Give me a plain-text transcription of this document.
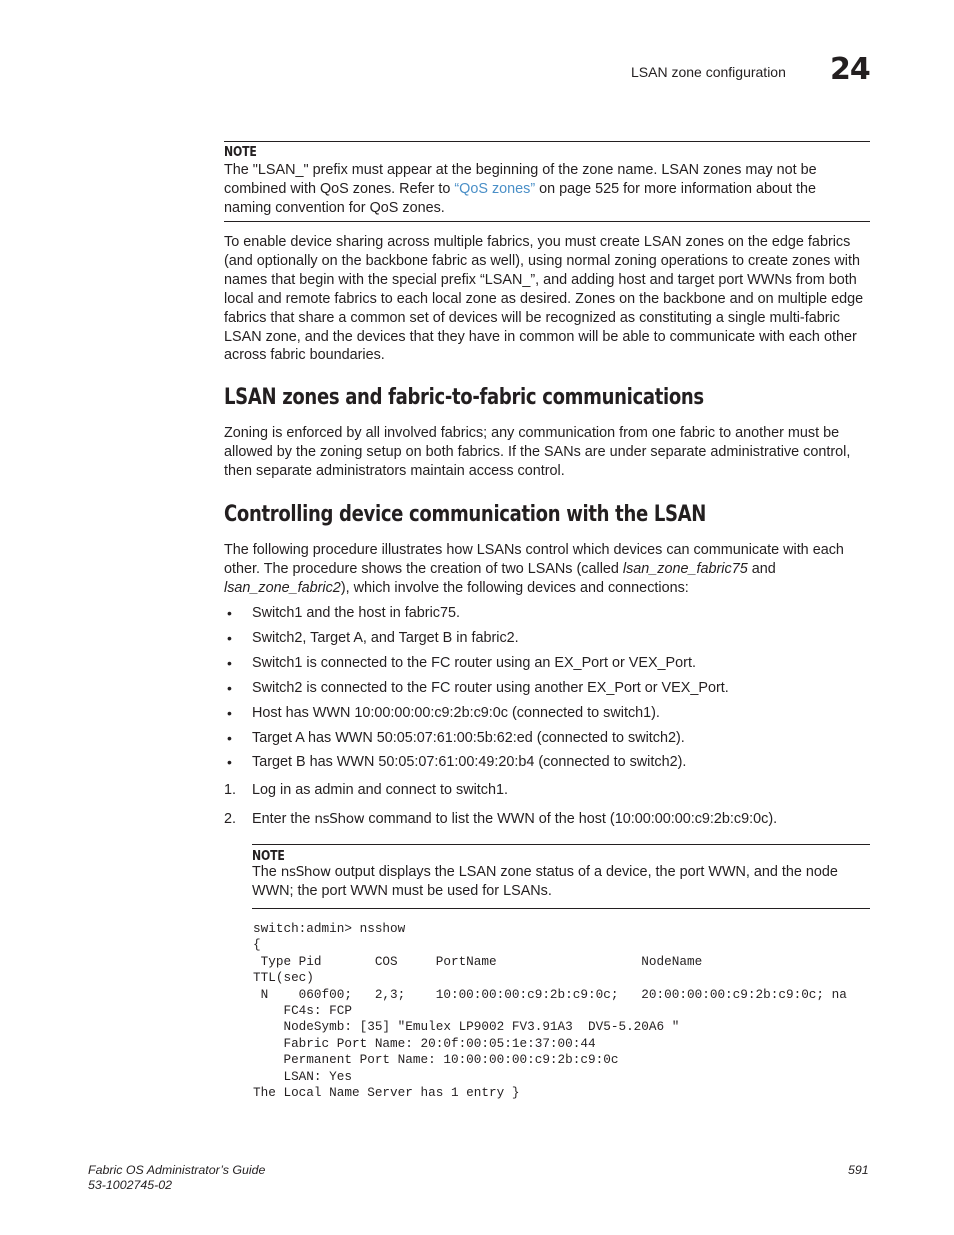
LSAN zone configuration 24
NOTE
The "LSAN_" prefix must appear at the beginning of the zone name. LSAN zones may not be combined with QoS zones. Refer to “QoS zones” on page 525 for more information about the naming convention for QoS zones.
To enable device sharing across multiple fabrics, you must create LSAN zones on the edge fabrics (and optionally on the backbone fabric as well), using normal zoning operations to create zones with names that begin with the special prefix “LSAN_”, and adding host and target port WWNs from both local and remote fabrics to each local zone as desired. Zones on the backbone and on multiple edge fabrics that share a common set of devices will be recognized as constituting a single multi-fabric LSAN zone, and the devices that they have in common will be able to communicate with each other across fabric boundaries.
LSAN zones and fabric-to-fabric communications
Zoning is enforced by all involved fabrics; any communication from one fabric to another must be allowed by the zoning setup on both fabrics. If the SANs are under separate administrative control, then separate administrators maintain access control.
Controlling device communication with the LSAN
The following procedure illustrates how LSANs control which devices can communicate with each other. The procedure shows the creation of two LSANs (called lsan_zone_fabric75 and lsan_zone_fabric2), which involve the following devices and connections:
• Switch1 and the host in fabric75.
• Switch2, Target A, and Target B in fabric2.
• Switch1 is connected to the FC router using an EX_Port or VEX_Port.
• Switch2 is connected to the FC router using another EX_Port or VEX_Port.
• Host has WWN 10:00:00:00:c9:2b:c9:0c (connected to switch1).
• Target A has WWN 50:05:07:61:00:5b:62:ed (connected to switch2).
• Target B has WWN 50:05:07:61:00:49:20:b4 (connected to switch2).
1. Log in as admin and connect to switch1.
2. Enter the nsShow command to list the WWN of the host (10:00:00:00:c9:2b:c9:0c).
NOTE
The nsShow output displays the LSAN zone status of a device, the port WWN, and the node WWN; the port WWN must be used for LSANs.
switch:admin> nsshow
{
Type Pid       COS     PortName                   NodeName
TTL(sec)
N    060f00;   2,3;    10:00:00:00:c9:2b:c9:0c;   20:00:00:00:c9:2b:c9:0c; na
FC4s: FCP
NodeSymb: [35] "Emulex LP9002 FV3.91A3  DV5-5.20A6 "
Fabric Port Name: 20:0f:00:05:1e:37:00:44
Permanent Port Name: 10:00:00:00:c9:2b:c9:0c
LSAN: Yes
The Local Name Server has 1 entry }
Fabric OS Administrator’s Guide
53-1002745-02
591
